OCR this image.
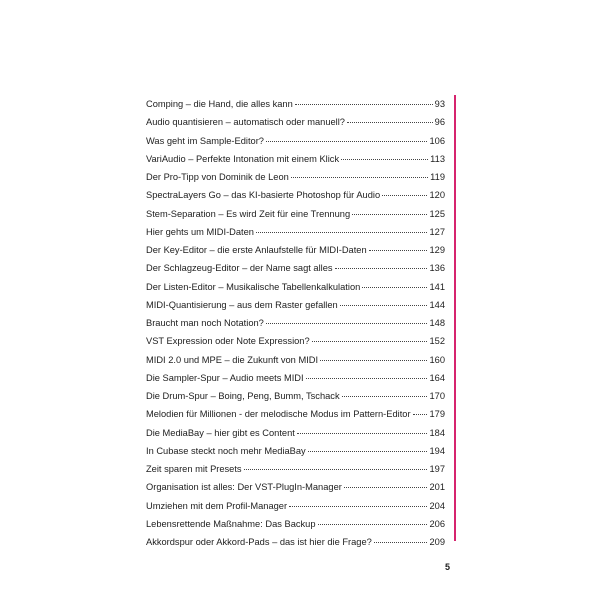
Comping – die Hand, die alles kann	93
Audio quantisieren – automatisch oder manuell?	96
Was geht im Sample-Editor?	106
VariAudio – Perfekte Intonation mit einem Klick	113
Der Pro-Tipp von Dominik de Leon	119
SpectraLayers Go – das KI-basierte Photoshop für Audio	120
Stem-Separation – Es wird Zeit für eine Trennung	125
Hier gehts um MIDI-Daten	127
Der Key-Editor – die erste Anlaufstelle für MIDI-Daten	129
Der Schlagzeug-Editor – der Name sagt alles	136
Der Listen-Editor – Musikalische Tabellenkalkulation	141
MIDI-Quantisierung – aus dem Raster gefallen	144
Braucht man noch Notation?	148
VST Expression oder Note Expression?	152
MIDI 2.0 und MPE – die Zukunft von MIDI	160
Die Sampler-Spur – Audio meets MIDI	164
Die Drum-Spur – Boing, Peng, Bumm, Tschack	170
Melodien für Millionen - der melodische Modus im Pattern-Editor 179
Die MediaBay – hier gibt es Content	184
In Cubase steckt noch mehr MediaBay	194
Zeit sparen mit Presets	197
Organisation ist alles: Der VST-PlugIn-Manager	201
Umziehen mit dem Profil-Manager	204
Lebensrettende Maßnahme: Das Backup	206
Akkordspur oder Akkord-Pads – das ist hier die Frage?	209
5
